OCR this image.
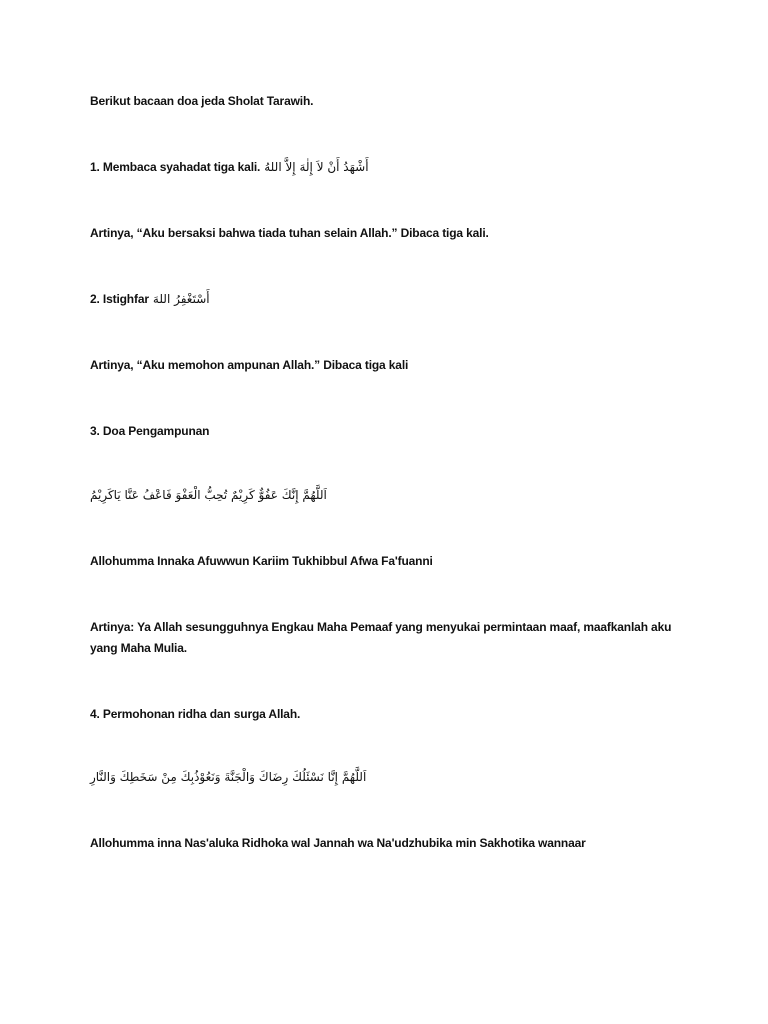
Berikut bacaan doa jeda Sholat Tarawih.
1. Membaca syahadat tiga kali. أَشْهَدُ أَنْ لاَ إِلٰهَ إِلاَّ اللهُ
Artinya, “Aku bersaksi bahwa tiada tuhan selain Allah.” Dibaca tiga kali.
2. Istighfar أَسْتَغْفِرُ اللهَ
Artinya, “Aku memohon ampunan Allah.” Dibaca tiga kali
3. Doa Pengampunan
اَللَّهُمَّ إِنَّكَ عَفُوٌّ كَرِيْمٌ تُحِبُّ الْعَفْوَ فَاعْفُ عَنَّا يَاكَرِيْمُ
Allohumma Innaka Afuwwun Kariim Tukhibbul Afwa Fa'fuanni
Artinya: Ya Allah sesungguhnya Engkau Maha Pemaaf yang menyukai permintaan maaf, maafkanlah aku yang Maha Mulia.
4. Permohonan ridha dan surga Allah.
اَللَّهُمَّ إِنَّا نَسْئَلُكَ رِضَاكَ وَالْجَنَّةَ وَنَعُوْذُبِكَ مِنْ سَخَطِكَ وَالنَّارِ
Allohumma inna Nas'aluka Ridhoka wal Jannah wa Na'udzhubika min Sakhotika wannaar
